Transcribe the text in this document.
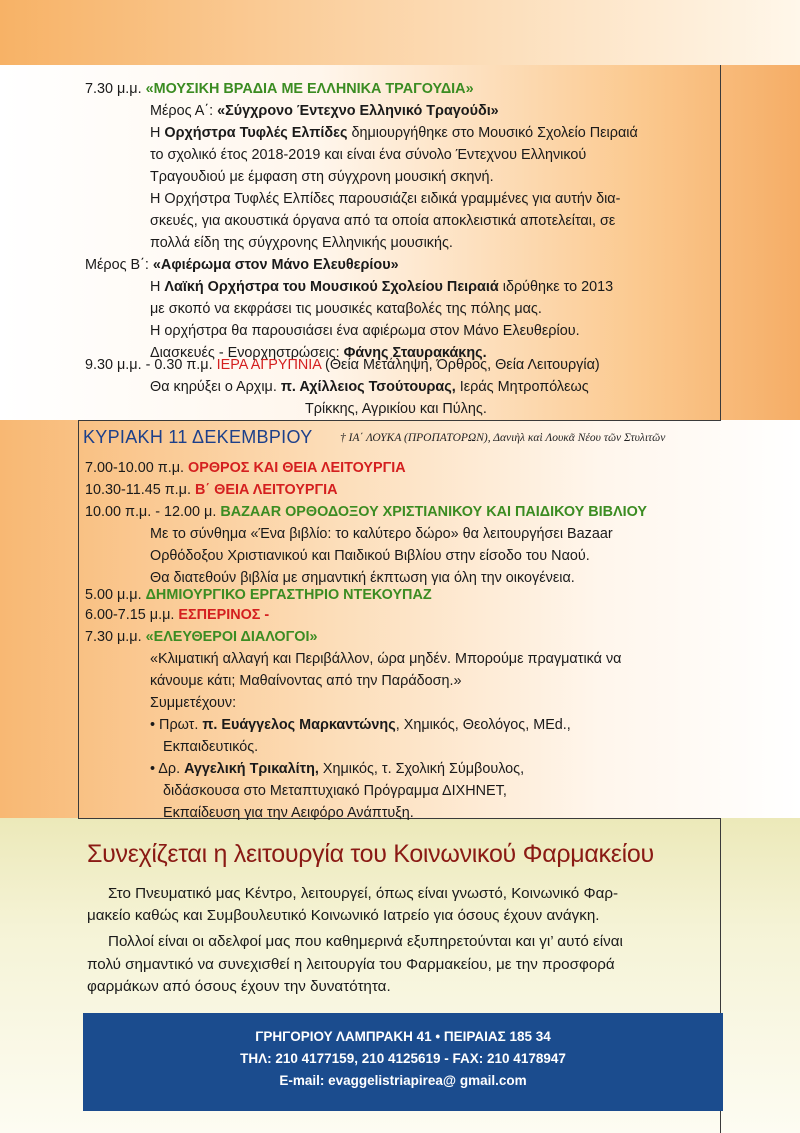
7.30 μ.μ. «ΜΟΥΣΙΚΗ ΒΡΑΔΙΑ ΜΕ ΕΛΛΗΝΙΚΑ ΤΡΑΓΟΥΔΙΑ»
Μέρος Α΄: «Σύγχρονο Έντεχνο Ελληνικό Τραγούδι»
Η Ορχήστρα Τυφλές Ελπίδες δημιουργήθηκε στο Μουσικό Σχολείο Πειραιά
το σχολικό έτος 2018-2019 και είναι ένα σύνολο Έντεχνου Ελληνικού
Τραγουδιού με έμφαση στη σύγχρονη μουσική σκηνή.
Η Ορχήστρα Τυφλές Ελπίδες παρουσιάζει ειδικά γραμμένες για αυτήν δια-
σκευές, για ακουστικά όργανα από τα οποία αποκλειστικά αποτελείται, σε
πολλά είδη της σύγχρονης Ελληνικής μουσικής.
Μέρος Β΄: «Αφιέρωμα στον Μάνο Ελευθερίου»
Η Λαϊκή Ορχήστρα του Μουσικού Σχολείου Πειραιά ιδρύθηκε το 2013
με σκοπό να εκφράσει τις μουσικές καταβολές της πόλης μας.
Η ορχήστρα θα παρουσιάσει ένα αφιέρωμα στον Μάνο Ελευθερίου.
Διασκευές - Ενορχηστρώσεις: Φάνης Σταυρακάκης.
9.30 μ.μ. - 0.30 π.μ. ΙΕΡΑ ΑΓΡΥΠΝΙΑ (Θεία Μετάληψη, Όρθρος, Θεία Λειτουργία)
Θα κηρύξει ο Αρχιμ. π. Αχίλλειος Τσούτουρας, Ιεράς Μητροπόλεως
Τρίκκης, Αγρικίου και Πύλης.
ΚΥΡΙΑΚΗ 11 ΔΕΚΕΜΒΡΙΟΥ † ΙΑ΄ ΛΟΥΚΑ (ΠΡΟΠΑΤΟΡΩΝ), Δανιὴλ καὶ Λουκᾶ Νέου τῶν Στυλιτῶν
7.00-10.00 π.μ. ΟΡΘΡΟΣ ΚΑΙ ΘΕΙΑ ΛΕΙΤΟΥΡΓΙΑ
10.30-11.45 π.μ. Β΄ ΘΕΙΑ ΛΕΙΤΟΥΡΓΙΑ
10.00 π.μ. - 12.00 μ. BAZAAR ΟΡΘΟΔΟΞΟΥ ΧΡΙΣΤΙΑΝΙΚΟΥ ΚΑΙ ΠΑΙΔΙΚΟΥ ΒΙΒΛΙΟΥ
Με το σύνθημα «Ένα βιβλίο: το καλύτερο δώρο» θα λειτουργήσει Bazaar
Ορθόδοξου Χριστιανικού και Παιδικού Βιβλίου στην είσοδο του Ναού.
Θα διατεθούν βιβλία με σημαντική έκπτωση για όλη την οικογένεια.
5.00 μ.μ. ΔΗΜΙΟΥΡΓΙΚΟ ΕΡΓΑΣΤΗΡΙΟ ΝΤΕΚΟΥΠΑΖ
6.00-7.15 μ.μ. ΕΣΠΕΡΙΝΟΣ -
7.30 μ.μ. «ΕΛΕΥΘΕΡΟΙ ΔΙΑΛΟΓΟΙ»
«Κλιματική αλλαγή και Περιβάλλον, ώρα μηδέν. Μπορούμε πραγματικά να
κάνουμε κάτι; Μαθαίνοντας από την Παράδοση.»
Συμμετέχουν:
• Πρωτ. π. Ευάγγελος Μαρκαντώνης, Χημικός, Θεολόγος, MEd.,
Εκπαιδευτικός.
• Δρ. Αγγελική Τρικαλίτη, Χημικός, τ. Σχολική Σύμβουλος,
διδάσκουσα στο Μεταπτυχιακό Πρόγραμμα ΔΙΧΗΝΕΤ,
Εκπαίδευση για την Αειφόρο Ανάπτυξη.
Συνεχίζεται η λειτουργία του Κοινωνικού Φαρμακείου
Στο Πνευματικό μας Κέντρο, λειτουργεί, όπως είναι γνωστό, Κοινωνικό Φαρ-
μακείο καθώς και Συμβουλευτικό Κοινωνικό Ιατρείο για όσους έχουν ανάγκη.
Πολλοί είναι οι αδελφοί μας που καθημερινά εξυπηρετούνται και γι’ αυτό είναι
πολύ σημαντικό να συνεχισθεί η λειτουργία του Φαρμακείου, με την προσφορά
φαρμάκων από όσους έχουν την δυνατότητα.
ΓΡΗΓΟΡΙΟΥ ΛΑΜΠΡΑΚΗ 41 • ΠΕΙΡΑΙΑΣ 185 34
ΤΗΛ: 210 4177159, 210 4125619 - FAX: 210 4178947
E-mail: evaggelistriapirea@ gmail.com
